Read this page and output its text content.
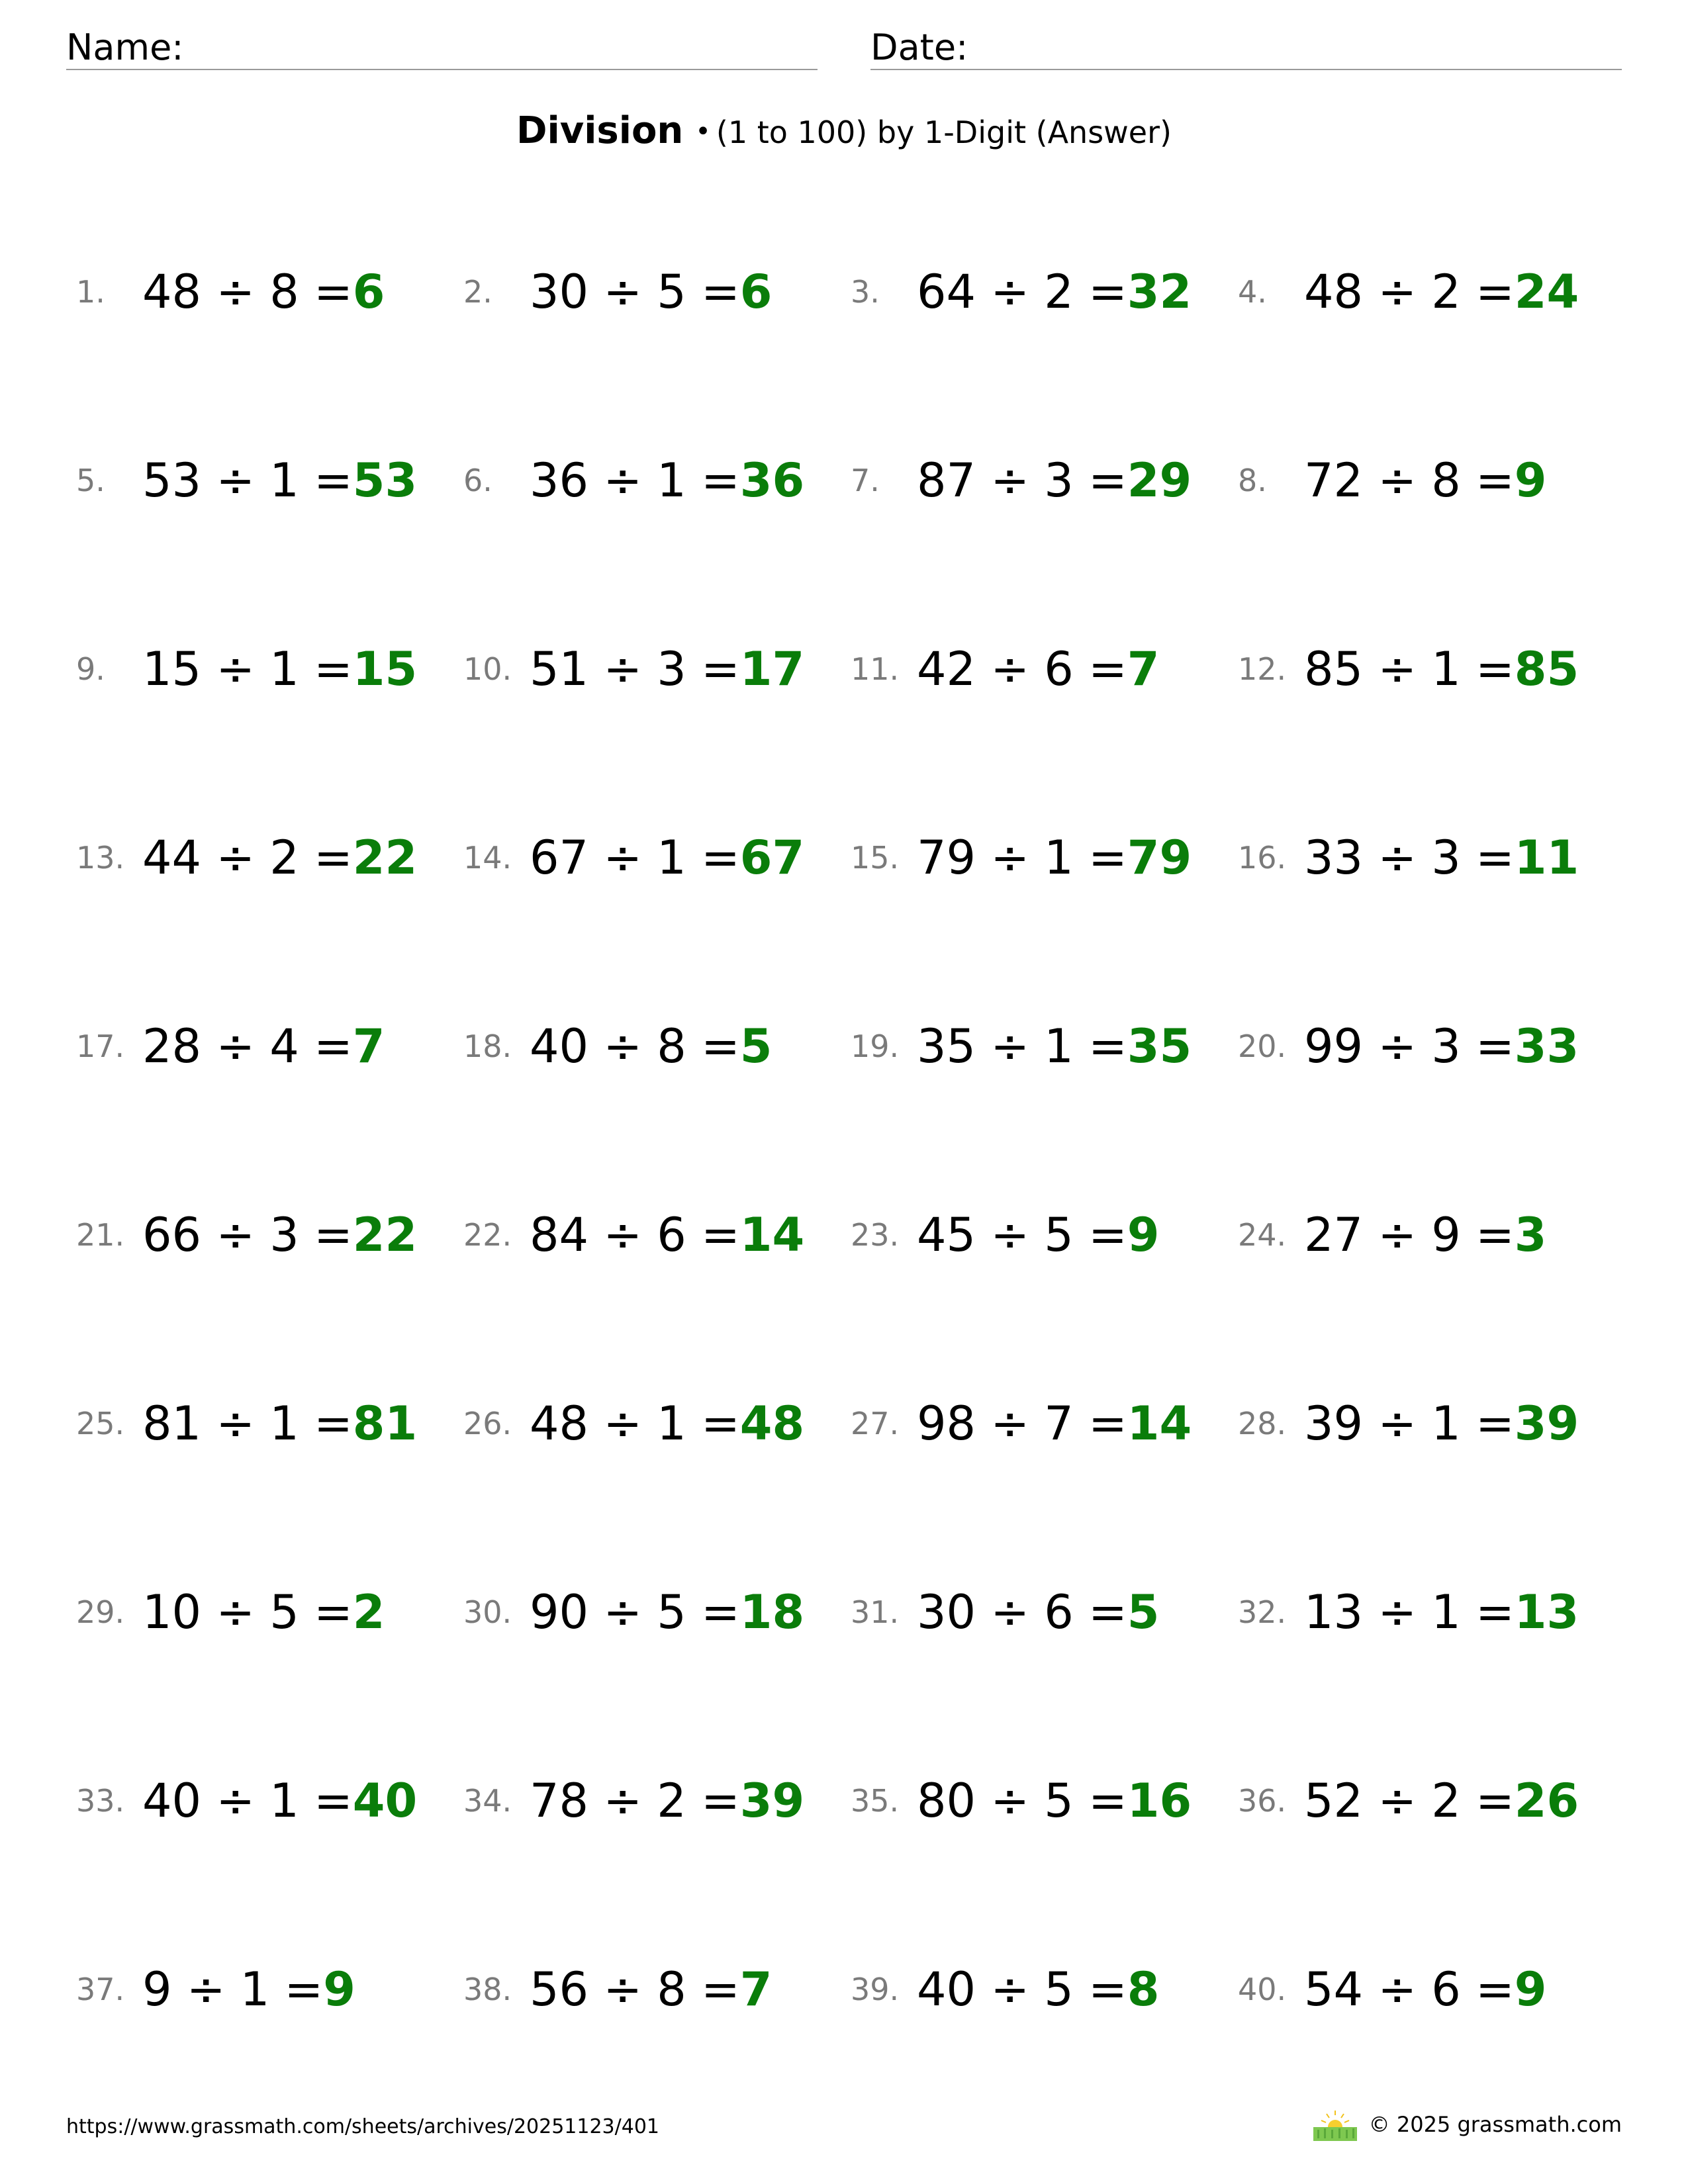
Name:	Date:
Division • (1 to 100) by 1-Digit (Answer)
1. 48 ÷ 8 =6	2. 30 ÷ 5 =6	3. 64 ÷ 2 =32 4. 48 ÷ 2 =24
5. 53 ÷ 1 =53 6. 36 ÷ 1 =36 7. 87 ÷ 3 =29 8. 72 ÷ 8 =9
9. 15 ÷ 1 =15 10. 51 ÷ 3 =17 11. 42 ÷ 6 =7	12. 85 ÷ 1 =85
13. 44 ÷ 2 =22 14. 67 ÷ 1 =67 15. 79 ÷ 1 =79 16. 33 ÷ 3 =11
17. 28 ÷ 4 =7	18. 40 ÷ 8 =5	19. 35 ÷ 1 =35 20. 99 ÷ 3 =33
21. 66 ÷ 3 =22 22. 84 ÷ 6 =14 23. 45 ÷ 5 =9	24. 27 ÷ 9 =3
25. 81 ÷ 1 =81 26. 48 ÷ 1 =48 27. 98 ÷ 7 =14 28. 39 ÷ 1 =39
29. 10 ÷ 5 =2	30. 90 ÷ 5 =18 31. 30 ÷ 6 =5	32. 13 ÷ 1 =13
33. 40 ÷ 1 =40 34. 78 ÷ 2 =39 35. 80 ÷ 5 =16 36. 52 ÷ 2 =26
37. 9 ÷ 1 =9	38. 56 ÷ 8 =7	39. 40 ÷ 5 =8	40. 54 ÷ 6 =9
https://www.grassmath.com/sheets/archives/20251123/401	© 2025 grassmath.com
